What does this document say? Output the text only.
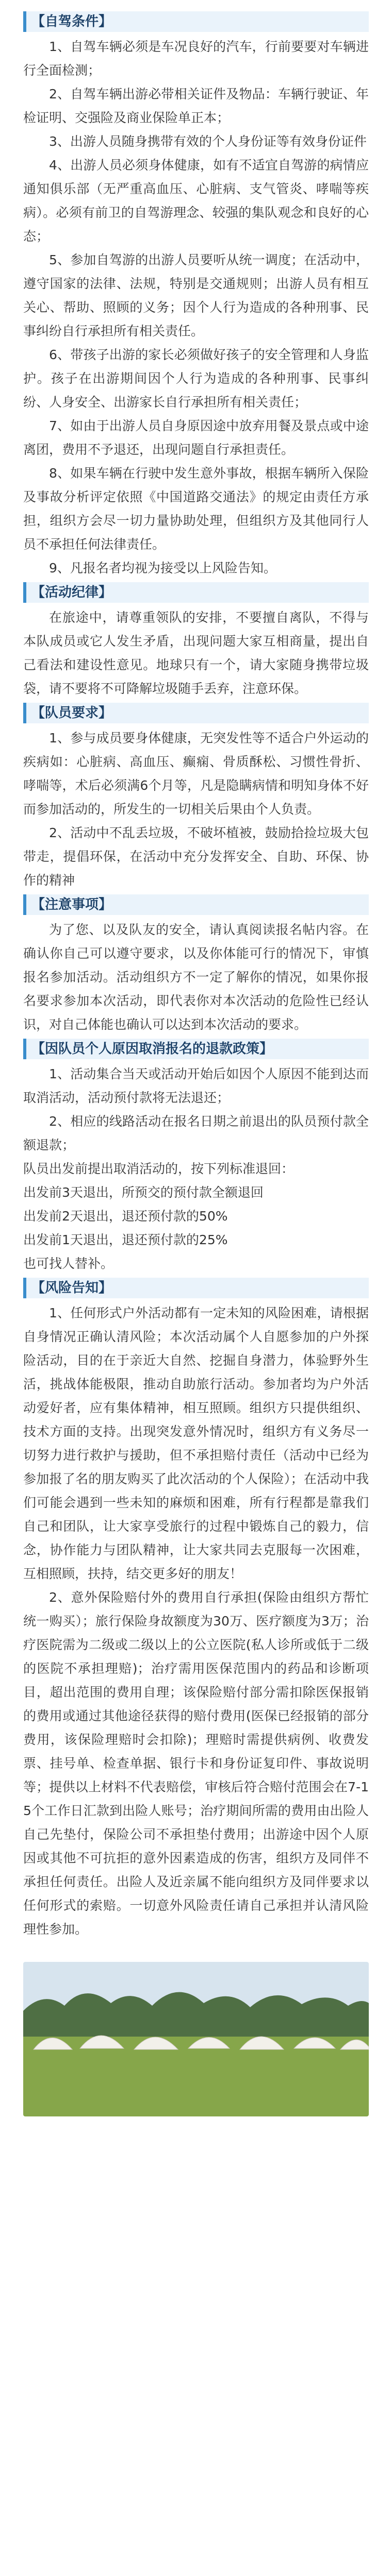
【自驾条件】

1、自驾车辆必须是车况良好的汽车，行前要要对车辆进行全面检测；

2、自驾车辆出游必带相关证件及物品：车辆行驶证、年检证明、交强险及商业保险单正本；

3、出游人员随身携带有效的个人身份证等有效身份证件

4、出游人员必须身体健康，如有不适宜自驾游的病情应通知俱乐部（无严重高血压、心脏病、支气管炎、哮喘等疾病）。必须有前卫的自驾游理念、较强的集队观念和良好的心态；

5、参加自驾游的出游人员要听从统一调度；在活动中，遵守国家的法律、法规，特别是交通规则；出游人员有相互关心、帮助、照顾的义务；因个人行为造成的各种刑事、民事纠纷自行承担所有相关责任。

6、带孩子出游的家长必须做好孩子的安全管理和人身监护。孩子在出游期间因个人行为造成的各种刑事、民事纠纷、人身安全、出游家长自行承担所有相关责任；

7、如由于出游人员自身原因途中放弃用餐及景点或中途离团，费用不予退还，出现问题自行承担责任。

8、如果车辆在行驶中发生意外事故，根据车辆所入保险及事故分析评定依照《中国道路交通法》的规定由责任方承担，组织方会尽一切力量协助处理，但组织方及其他同行人员不承担任何法律责任。

9、凡报名者均视为接受以上风险告知。

【活动纪律】

在旅途中，请尊重领队的安排，不要擅自离队，不得与本队成员或它人发生矛盾，出现问题大家互相商量，提出自己看法和建设性意见。地球只有一个，请大家随身携带垃圾袋，请不要将不可降解垃圾随手丢弃，注意环保。

【队员要求】

1、参与成员要身体健康，无突发性等不适合户外运动的疾病如：心脏病、高血压、癫痫、骨质酥松、习惯性骨折、哮喘等，术后必须满6个月等，凡是隐瞒病情和明知身体不好而参加活动的，所发生的一切相关后果由个人负责。

2、活动中不乱丢垃圾，不破坏植被，鼓励拾捡垃圾大包带走，提倡环保，在活动中充分发挥安全、自助、环保、协作的精神

【注意事项】

为了您、以及队友的安全，请认真阅读报名帖内容。在确认你自己可以遵守要求，以及你体能可行的情况下，审慎报名参加活动。活动组织方不一定了解你的情况，如果你报名要求参加本次活动，即代表你对本次活动的危险性已经认识，对自己体能也确认可以达到本次活动的要求。

【因队员个人原因取消报名的退款政策】

1、活动集合当天或活动开始后如因个人原因不能到达而取消活动，活动预付款将无法退还；

2、相应的线路活动在报名日期之前退出的队员预付款全额退款；

队员出发前提出取消活动的，按下列标准退回：

出发前3天退出，所预交的预付款全额退回

出发前2天退出，退还预付款的50%

出发前1天退出，退还预付款的25%

也可找人替补。

【风险告知】

1、任何形式户外活动都有一定未知的风险困难，请根据自身情况正确认清风险；本次活动属个人自愿参加的户外探险活动，目的在于亲近大自然、挖掘自身潜力，体验野外生活，挑战体能极限，推动自助旅行活动。参加者均为户外活动爱好者，应有集体精神，相互照顾。组织方只提供组织、技术方面的支持。出现突发意外情况时，组织方有义务尽一切努力进行救护与援助，但不承担赔付责任（活动中已经为参加报了名的朋友购买了此次活动的个人保险）；在活动中我们可能会遇到一些未知的麻烦和困难，所有行程都是靠我们自己和团队，让大家享受旅行的过程中锻炼自己的毅力，信念，协作能力与团队精神，让大家共同去克服每一次困难，互相照顾，扶持，结交更多好的朋友！

2、意外保险赔付外的费用自行承担(保险由组织方帮忙统一购买）；旅行保险身故额度为30万、医疗额度为3万；治疗医院需为二级或二级以上的公立医院(私人诊所或低于二级的医院不承担理赔)；治疗需用医保范围内的药品和诊断项目，超出范围的费用自理；该保险赔付部分需扣除医保报销的费用或通过其他途径获得的赔付费用(医保已经报销的部分费用，该保险理赔时会扣除)；理赔时需提供病例、收费发票、挂号单、检查单据、银行卡和身份证复印件、事故说明等；提供以上材料不代表赔偿，审核后符合赔付范围会在7-15个工作日汇款到出险人账号；治疗期间所需的费用由出险人自己先垫付，保险公司不承担垫付费用；出游途中因个人原因或其他不可抗拒的意外因素造成的伤害，组织方及同伴不承担任何责任。出险人及近亲属不能向组织方及同伴要求以任何形式的索赔。一切意外风险责任请自己承担并认清风险理性参加。
